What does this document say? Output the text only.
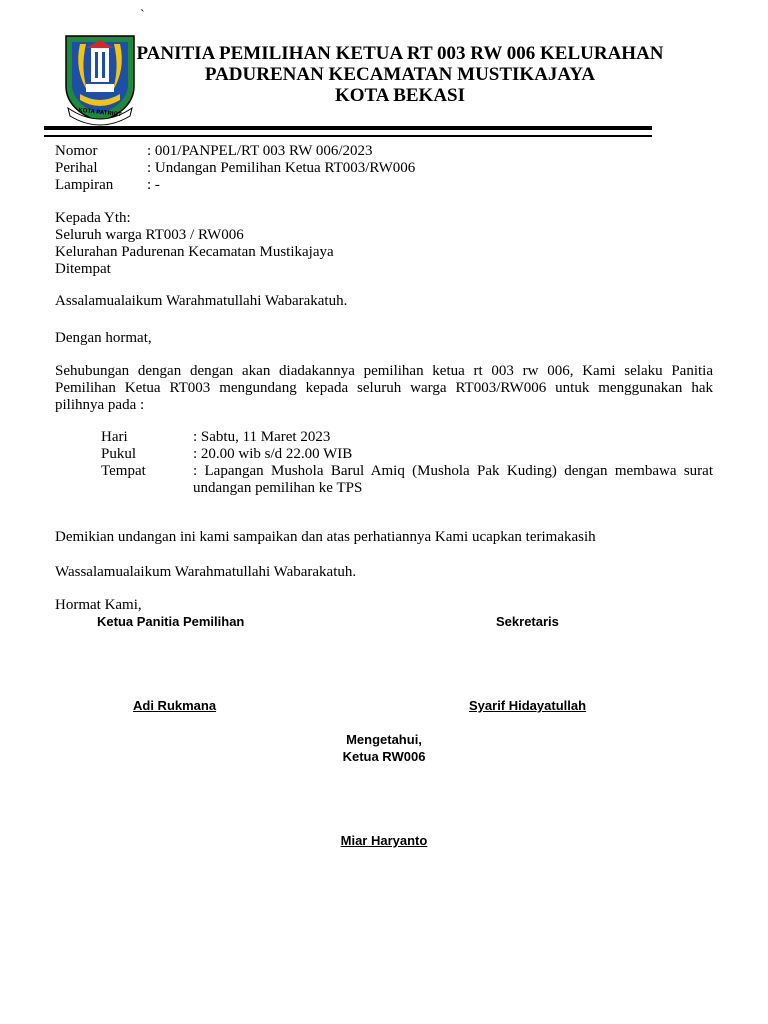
`
KOTA PATRIOT
PANITIA PEMILIHAN KETUA RT 003 RW 006 KELURAHAN
PADURENAN KECAMATAN MUSTIKAJAYA
KOTA BEKASI
Nomor	: 001/PANPEL/RT 003 RW 006/2023
Perihal	: Undangan Pemilihan Ketua RT003/RW006
Lampiran : -
Kepada Yth:
Seluruh warga RT003 / RW006
Kelurahan Padurenan Kecamatan Mustikajaya
Ditempat
Assalamualaikum Warahmatullahi Wabarakatuh.
Dengan hormat,
Sehubungan dengan dengan akan diadakannya pemilihan ketua rt 003 rw 006, Kami selaku Panitia
Pemilihan Ketua RT003 mengundang kepada seluruh warga RT003/RW006 untuk menggunakan hak
pilihnya pada :
Hari	: Sabtu, 11 Maret 2023
Pukul	: 20.00 wib s/d 22.00 WIB
Tempat	: Lapangan Mushola Barul Amiq (Mushola Pak Kuding) dengan membawa surat
undangan pemilihan ke TPS
Demikian undangan ini kami sampaikan dan atas perhatiannya Kami ucapkan terimakasih
Wassalamualaikum Warahmatullahi Wabarakatuh.
Hormat Kami,
Ketua Panitia Pemilihan	Sekretaris
Adi Rukmana	Syarif Hidayatullah
Mengetahui,
Ketua RW006
Miar Haryanto
